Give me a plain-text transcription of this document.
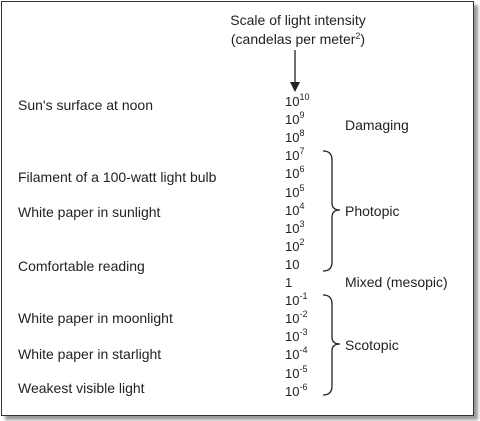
Scale of light intensity
(candelas per meter$^2$)
$10^{10}$
$10^9$
$10^8$
$10^7$
$10^6$
$10^5$
$10^4$
$10^3$
$10^2$
10
1
$10^{-1}$
$10^{-2}$
$10^{-3}$
$10^{-4}$
$10^{-5}$
$10^{-6}$
Sun's surface at noon
Filament of a 100-watt light bulb
White paper in sunlight
Comfortable reading
White paper in moonlight
White paper in starlight
Weakest visible light
Damaging
Photopic
Mixed (mesopic)
Scotopic
